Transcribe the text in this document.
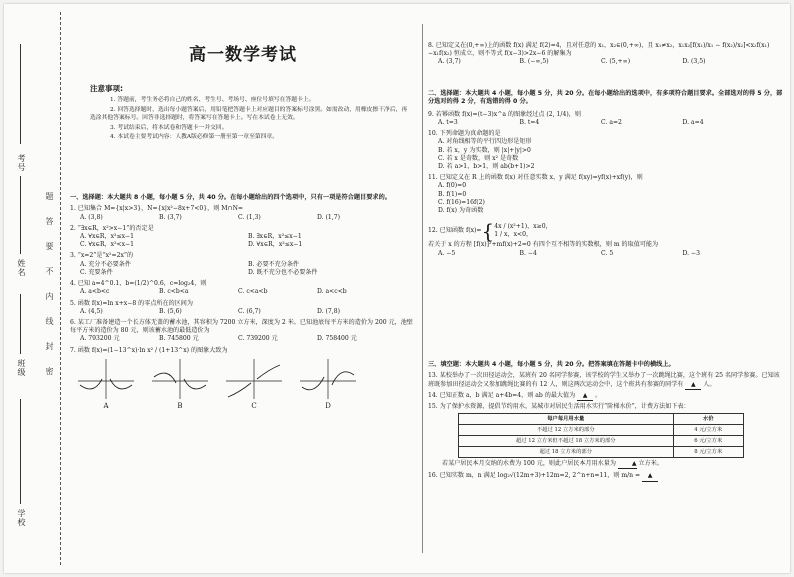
考号
姓名
班级
学校
题
答
要
不
内
线
封
密
高一数学考试
注意事项:

1. 答题前，考生务必将自己的姓名、考生号、考场号、座位号填写在答题卡上。

2. 回答选择题时，选出每小题答案后，用铅笔把答题卡上对应题目的答案标号涂黑。如需改动，用橡皮擦干净后，再选涂其他答案标号。回答非选择题时，将答案写在答题卡上。写在本试卷上无效。

3. 考试结束后，将本试卷和答题卡一并交回。

4. 本试卷主要考试内容：人教A版必修第一册至第一章至第四章。

一、选择题：本大题共 8 小题，每小题 5 分，共 40 分。在每小题给出的四个选项中，只有一项是符合题目要求的。

1. 已知集合 M={x|x>3}，N={x|x²−8x+7<0}，则 M∩N=

A. (3,8)	B. (3,7)	C. (1,3)	D. (1,7)

2. “∃x∈R，x²>x−1”的否定是

A. ∀x∈R，x²≤x−1	B. ∃x∈R，x²≤x−1
C. ∀x∈R，x²<x−1	D. ∀x∈R，x²≤x−1

3. “x=2”是“x²=2x”的

A. 充分不必要条件	B. 必要不充分条件
C. 充要条件	D. 既不充分也不必要条件

4. 已知 a=4^0.1，b=(1/2)^0.6，c=log₂4，则

A. a<b<c	B. c<b<a	C. c<a<b	D. a<c<b

5. 函数 f(x)=ln x+x−8 的零点所在的区间为

A. (4,5)	B. (5,6)	C. (6,7)	D. (7,8)

6. 某工厂准备建造一个长方体无盖的蓄水池，其容积为 7200 立方米，深度为 2 米。已知池底每平方米的造价为 200 元，池壁每平方米的造价为 80 元，则该蓄水池的最低造价为

A. 793200 元	B. 745800 元	C. 739200 元	D. 758400 元

7. 函数 f(x)=(1−13^x)·ln x² / (1+13^x) 的图象大致为

A	B	C	D

8. 已知定义在(0,+∞)上的函数 f(x) 满足 f(2)=4，且对任意的 x₁，x₂∈(0,+∞)，且 x₁≠x₂，x₁x₂[f(x₁)/x₁ − f(x₂)/x₂]<x₂f(x₁)−x₁f(x₂) 恒成立，则不等式 f(x−3)>2x−6 的解集为

A. (3,7)	B. (−∞,5)	C. (5,+∞)	D. (3,5)

二、选择题：本大题共 4 小题，每小题 5 分，共 20 分。在每小题给出的选项中，有多项符合题目要求。全部选对的得 5 分，部分选对的得 2 分，有选错的得 0 分。

9. 若幂函数 f(x)=(t−3)x^a 的图象经过点 (2, 1/4)，则

A. t=3	B. t=4	C. a=2	D. a=4

10. 下列命题为真命题的是

A. 对角线相等的平行四边形是矩形
B. 若 x，y 为实数，则 |x|+|y|>0
C. 若 x 是奇数，则 x² 是奇数
D. 若 a>1，b>1，则 ab(b+1)>2

11. 已知定义在 R 上的函数 f(x) 对任意实数 x，y 满足 f(xy)=yf(x)+xf(y)，则

A. f(0)=0
B. f(1)=0
C. f(16)=16f(2)
D. f(x) 为奇函数
12. 已知函数 f(x)= { 4x / (x²+1)，x≥0，
1 / x，x<0，

若关于 x 的方程 [f(x)]²+mf(x)+2=0 有四个互不相等的实数根，则 m 的取值可能为

A. −5	B. −4	C. 5	D. −3

三、填空题：本大题共 4 小题，每小题 5 分，共 20 分。把答案填在答题卡中的横线上。

13. 某校举办了一次田径运动会，某班有 20 名同学参赛，该学校的学生又举办了一次跳绳比赛，这个班有 25 名同学参赛。已知该班既参加田径运动会又参加跳绳比赛的有 12 人，则这两次运动会中，这个班共有参赛的同学有 ▲ 人。

14. 已知正数 a，b 满足 a+4b=4，则 ab 的最大值为 ▲ 。

15. 为了保护水资源，提倡节约用水，某城市对居民生活用水实行“阶梯水价”，计费方法如下表：

每户每月用水量	水价
不超过 12 立方米的部分	4 元/立方米
超过 12 立方米但不超过 18 立方米的部分	6 元/立方米
超过 18 立方米的部分	8 元/立方米

若某户居民本月交纳的水费为 100 元，则此户居民本月用水量为	▲ 立方米。

16. 已知实数 m，n 满足 log₂√(12m+3)+12m=2, 2^n+n=11，则 m/n = ▲
